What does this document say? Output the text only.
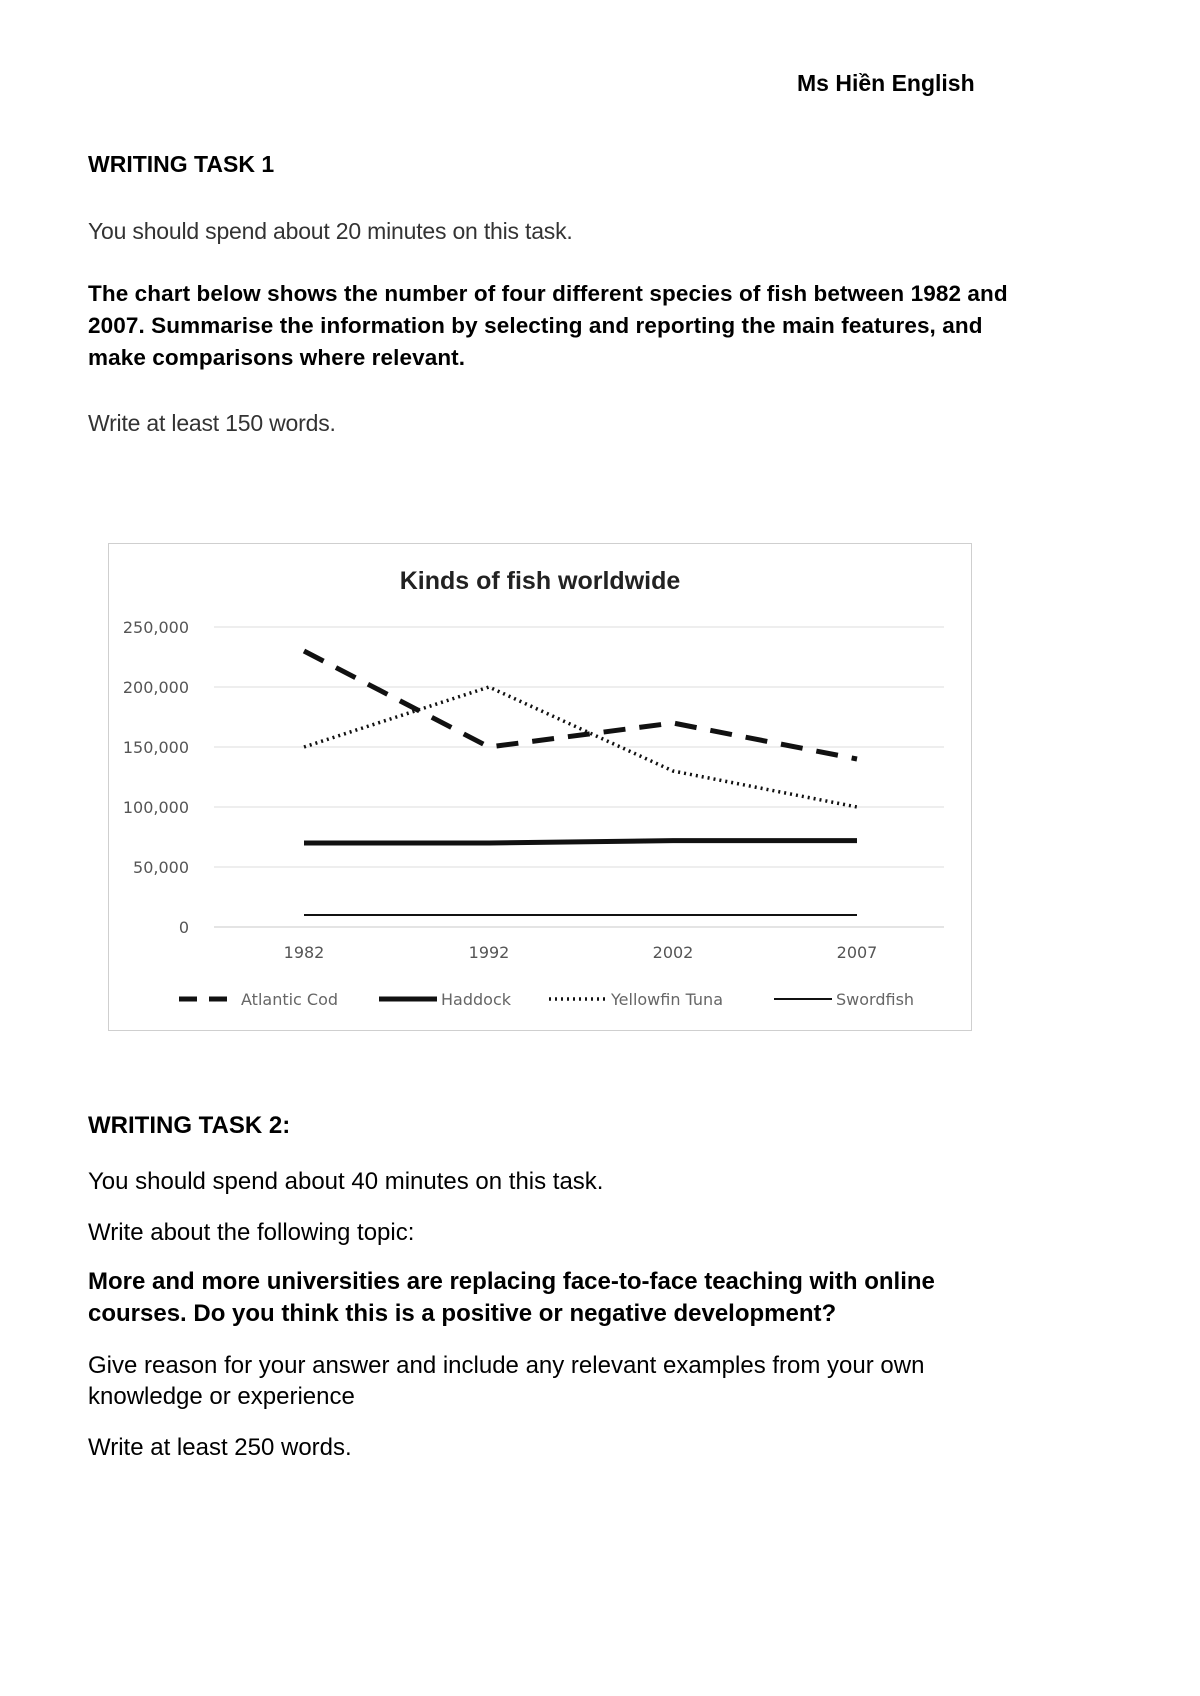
Ms Hiền English
WRITING TASK 1
You should spend about 20 minutes on this task.
The chart below shows the number of four different species of fish between 1982 and
2007. Summarise the information by selecting and reporting the main features, and
make comparisons where relevant.
Write at least 150 words.
0
50,000
100,000
150,000
200,000
250,000
1982	1992	2002	2007
Atlantic Cod	Haddock	Yellowfin Tuna	Swordfish
Kinds of fish worldwide
WRITING TASK 2:
You should spend about 40 minutes on this task.
Write about the following topic:
More and more universities are replacing face-to-face teaching with online
courses. Do you think this is a positive or negative development?
Give reason for your answer and include any relevant examples from your own
knowledge or experience
Write at least 250 words.
